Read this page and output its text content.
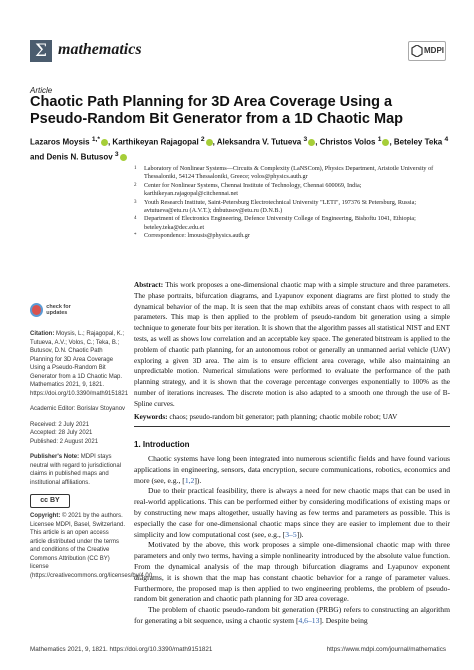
Σ mathematics	MDPI
Article
Chaotic Path Planning for 3D Area Coverage Using a Pseudo-Random Bit Generator from a 1D Chaotic Map
Lazaros Moysis $^{1,*}$ , Karthikeyan Rajagopal $^2$ , Aleksandra V. Tutueva $^3$ , Christos Volos $^1$ , Beteley Teka $^4$
and Denis N. Butusov $^3$
1 Laboratory of Nonlinear Systems—Circuits & Complexity (LaNSCom), Physics Department, Aristotle University of Thessaloniki, 54124 Thessaloniki, Greece; volos@physics.auth.gr
2 Center for Nonlinear Systems, Chennai Institute of Technology, Chennai 600069, India; karthikeyan.rajagopal@citchennai.net
3 Youth Research Institute, Saint-Petersburg Electrotechnical University "LETI", 197376 St Petersburg, Russia; avtutueva@etu.ru (A.V.T.); dnbutusov@etu.ru (D.N.B.)
4 Department of Electronics Engineering, Defence University College of Engineering, Bishoftu 1041, Ethiopia; beteley.teka@dec.edu.et
* Correspondence: lmousis@physics.auth.gr
check for updates
Citation: Moysis, L.; Rajagopal, K.; Tutueva, A.V.; Volos, C.; Teka, B.; Butusov, D.N. Chaotic Path Planning for 3D Area Coverage Using a Pseudo-Random Bit Generator from a 1D Chaotic Map. Mathematics 2021, 9, 1821. https://doi.org/10.3390/math9151821
Academic Editor: Borislav Stoyanov
Received: 2 July 2021
Accepted: 28 July 2021
Published: 2 August 2021
Publisher's Note: MDPI stays neutral with regard to jurisdictional claims in published maps and institutional affiliations.
cc BY
Copyright: © 2021 by the authors. Licensee MDPI, Basel, Switzerland. This article is an open access article distributed under the terms and conditions of the Creative Commons Attribution (CC BY) license (https://creativecommons.org/licenses/by/4.0/).
Abstract: This work proposes a one-dimensional chaotic map with a simple structure and three parameters. The phase portraits, bifurcation diagrams, and Lyapunov exponent diagrams are first plotted to study the dynamical behavior of the map. It is seen that the map exhibits areas of constant chaos with respect to all parameters. This map is then applied to the problem of pseudo-random bit generation using a simple technique to generate four bits per iteration. It is shown that the algorithm passes all statistical NIST and ENT tests, as well as shows low correlation and an acceptable key space. The generated bitstream is applied to the problem of chaotic path planning, for an autonomous robot or generally an unmanned aerial vehicle (UAV) exploring a given 3D area. The aim is to ensure efficient area coverage, while also maintaining an unpredictable motion. Numerical simulations were performed to evaluate the performance of the path planning strategy, and it is shown that the coverage percentage converges exponentially to 100% as the number of iterations increases. The discrete motion is also adapted to a smooth one through the use of B-Spline curves.
Keywords: chaos; pseudo-random bit generator; path planning; chaotic mobile robot; UAV
1. Introduction

Chaotic systems have long been integrated into numerous scientific fields and have found various applications in engineering, sensors, data encryption, secure communications, robotics, economics and more (see, e.g., [1,2]).

Due to their practical feasibility, there is always a need for new chaotic maps that can be used in real-world applications. This can be performed either by considering modifications of existing maps or by constructing new maps altogether, usually having as few terms and parameters as possible. This is especially the case for one-dimensional chaotic maps since they are easier to implement due to their simplicity and low computational cost (see, e.g., [3–5]).

Motivated by the above, this work proposes a simple one-dimensional chaotic map with three parameters and only two terms, having a simple nonlinearity introduced by the absolute value function. From the dynamical analysis of the map through bifurcation diagrams and Lyapunov exponent diagrams, it is shown that the map has constant chaotic behavior for a range of parameter values. Furthermore, the proposed map is then applied to two engineering problems, the problem of pseudo-random bit generation and chaotic path planning for 3D area coverage.

The problem of chaotic pseudo-random bit generation (PRBG) refers to constructing an algorithm for generating a bit sequence, using a chaotic system [4,6–13]. Despite being

Mathematics 2021, 9, 1821. https://doi.org/10.3390/math9151821	https://www.mdpi.com/journal/mathematics
